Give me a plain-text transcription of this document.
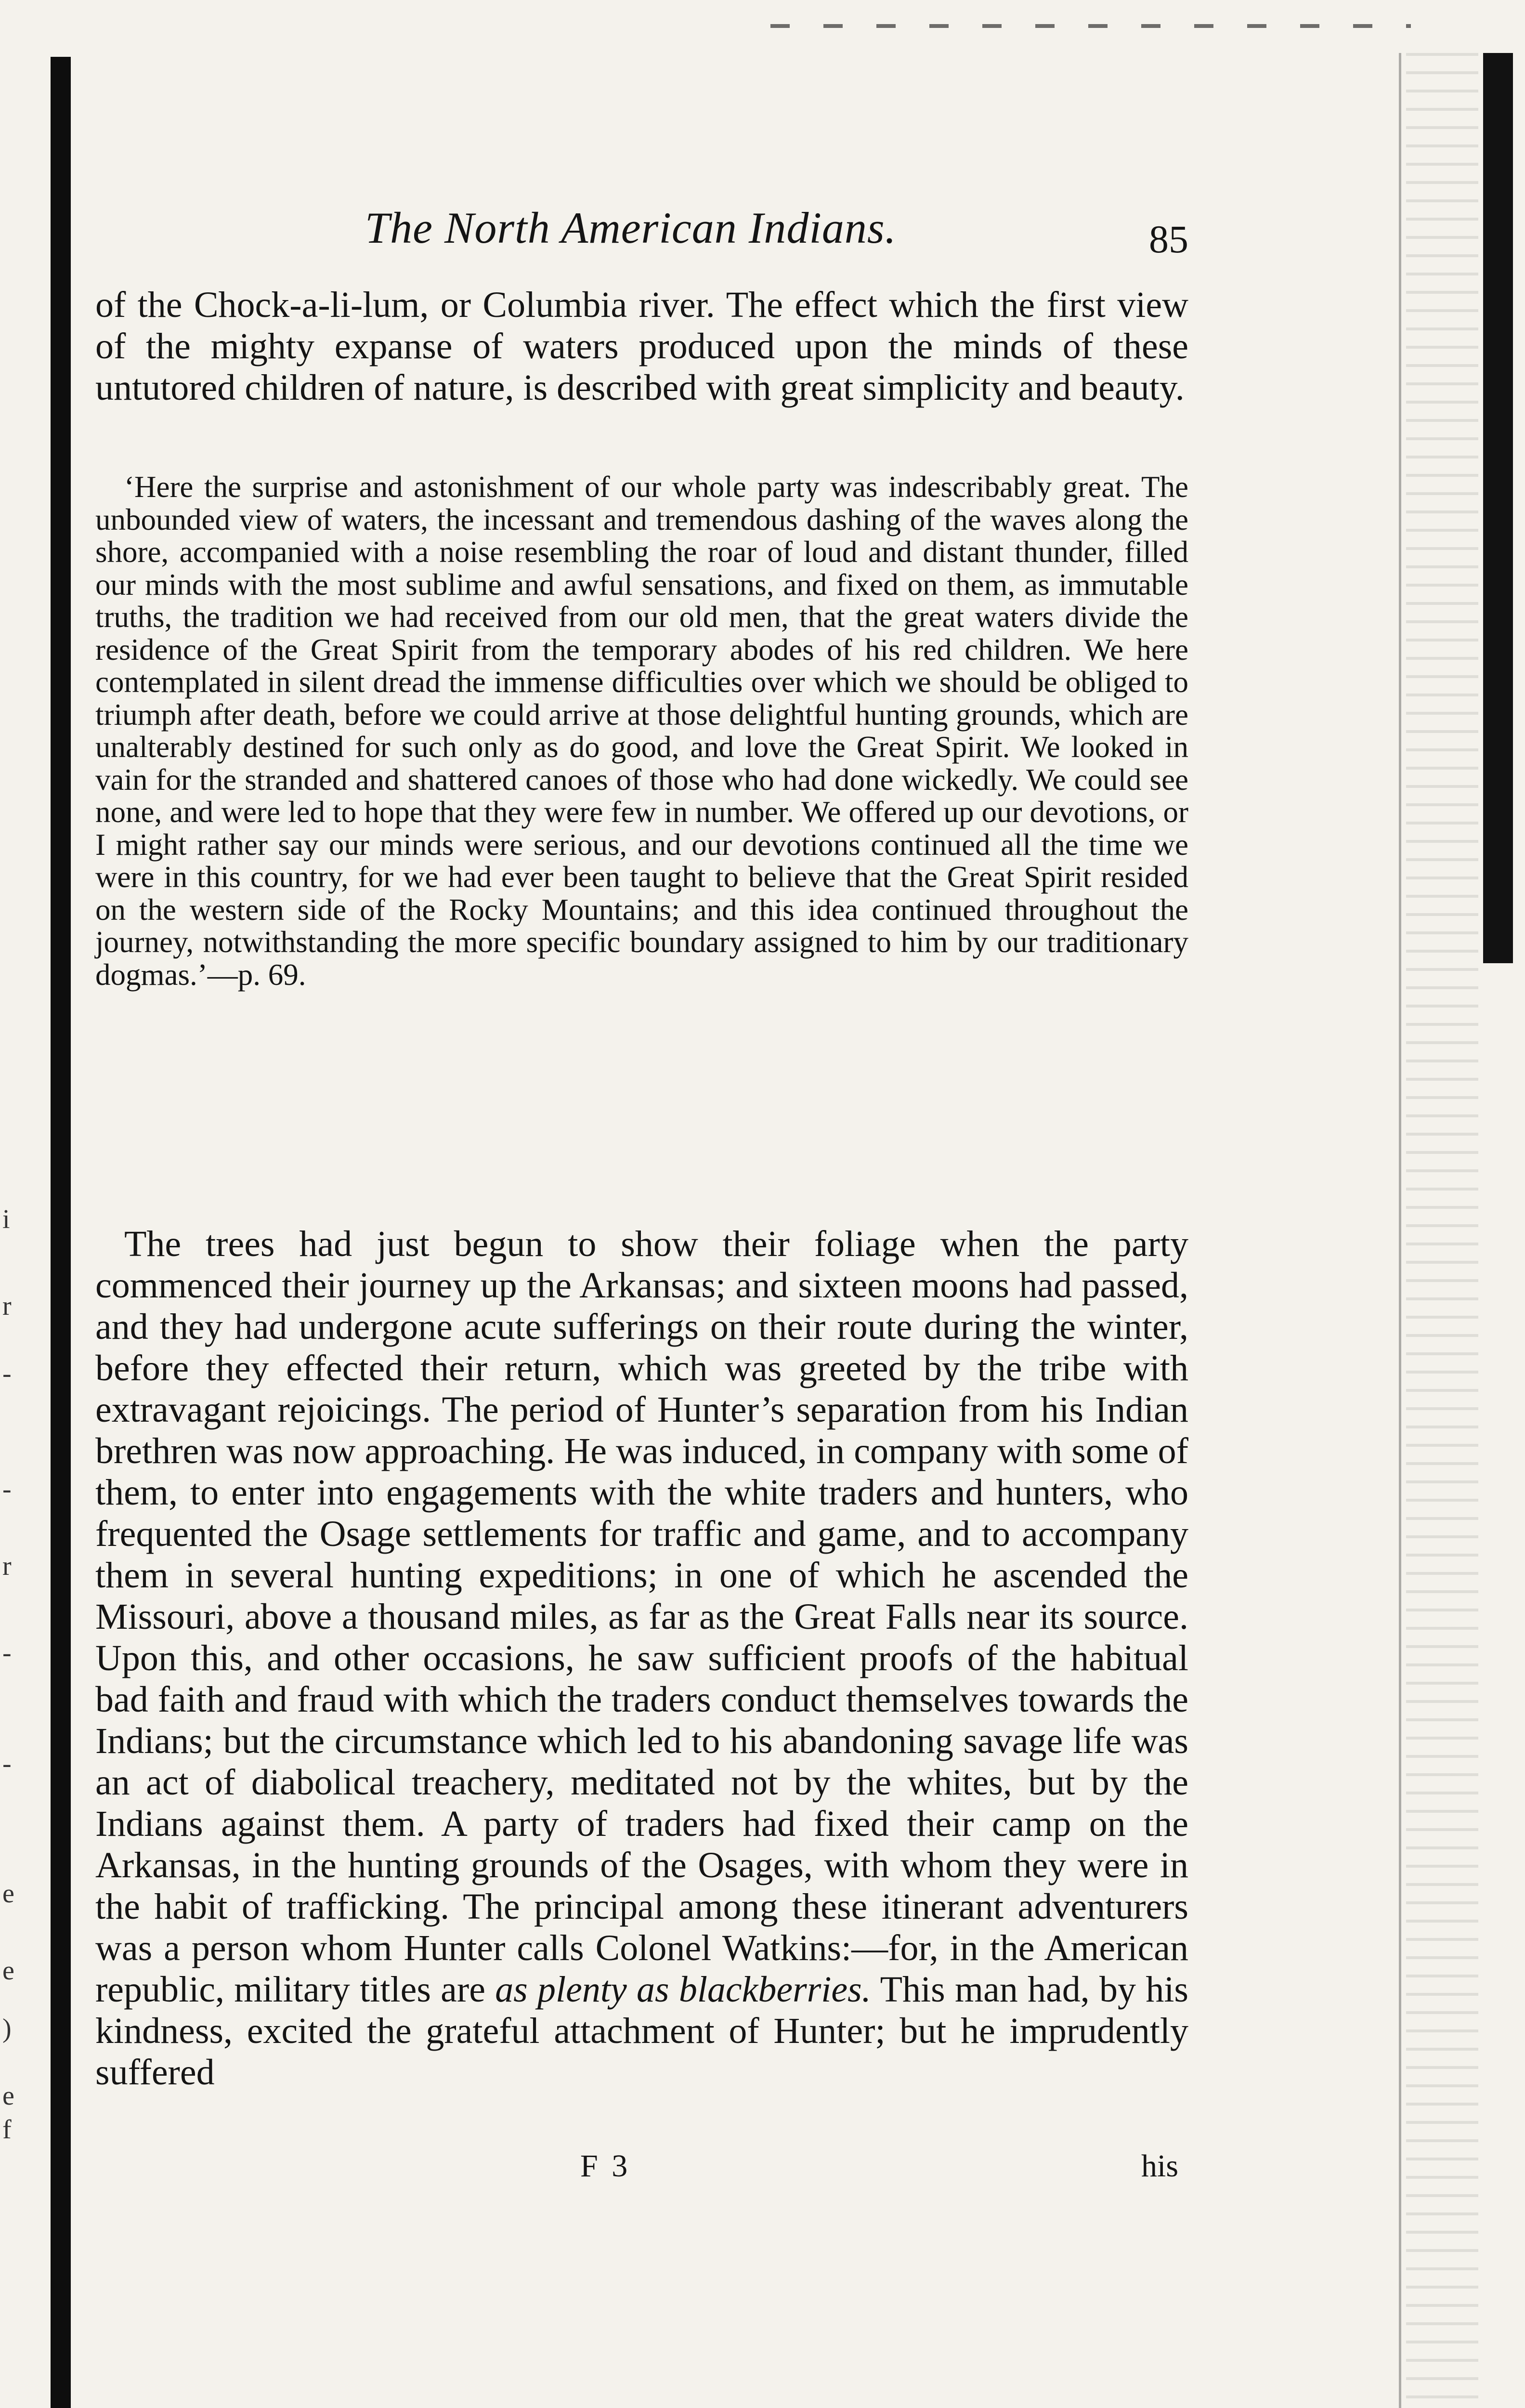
i
r
-
-
r
-
-
e
e
)
e
f
The North American Indians.	85

of the Chock-a-li-lum, or Columbia river. The effect which the first view of the mighty expanse of waters produced upon the minds of these untutored children of nature, is described with great simplicity and beauty.

‘Here the surprise and astonishment of our whole party was indescribably great. The unbounded view of waters, the incessant and tremendous dashing of the waves along the shore, accompanied with a noise resembling the roar of loud and distant thunder, filled our minds with the most sublime and awful sensations, and fixed on them, as immutable truths, the tradition we had received from our old men, that the great waters divide the residence of the Great Spirit from the temporary abodes of his red children. We here contemplated in silent dread the immense difficulties over which we should be obliged to triumph after death, before we could arrive at those delightful hunting grounds, which are unalterably destined for such only as do good, and love the Great Spirit. We looked in vain for the stranded and shattered canoes of those who had done wickedly. We could see none, and were led to hope that they were few in number. We offered up our devotions, or I might rather say our minds were serious, and our devotions continued all the time we were in this country, for we had ever been taught to believe that the Great Spirit resided on the western side of the Rocky Mountains; and this idea continued throughout the journey, notwithstanding the more specific boundary assigned to him by our traditionary dogmas.’—p. 69.

The trees had just begun to show their foliage when the party commenced their journey up the Arkansas; and sixteen moons had passed, and they had undergone acute sufferings on their route during the winter, before they effected their return, which was greeted by the tribe with extravagant rejoicings. The period of Hunter’s separation from his Indian brethren was now approaching. He was induced, in company with some of them, to enter into engagements with the white traders and hunters, who frequented the Osage settlements for traffic and game, and to accompany them in several hunting expeditions; in one of which he ascended the Missouri, above a thousand miles, as far as the Great Falls near its source. Upon this, and other occasions, he saw sufficient proofs of the habitual bad faith and fraud with which the traders conduct themselves towards the Indians; but the circumstance which led to his abandoning savage life was an act of diabolical treachery, meditated not by the whites, but by the Indians against them. A party of traders had fixed their camp on the Arkansas, in the hunting grounds of the Osages, with whom they were in the habit of trafficking. The principal among these itinerant adventurers was a person whom Hunter calls Colonel Watkins:—for, in the American republic, military titles are as plenty as blackberries. This man had, by his kindness, excited the grateful attachment of Hunter; but he imprudently suffered

F 3	his
